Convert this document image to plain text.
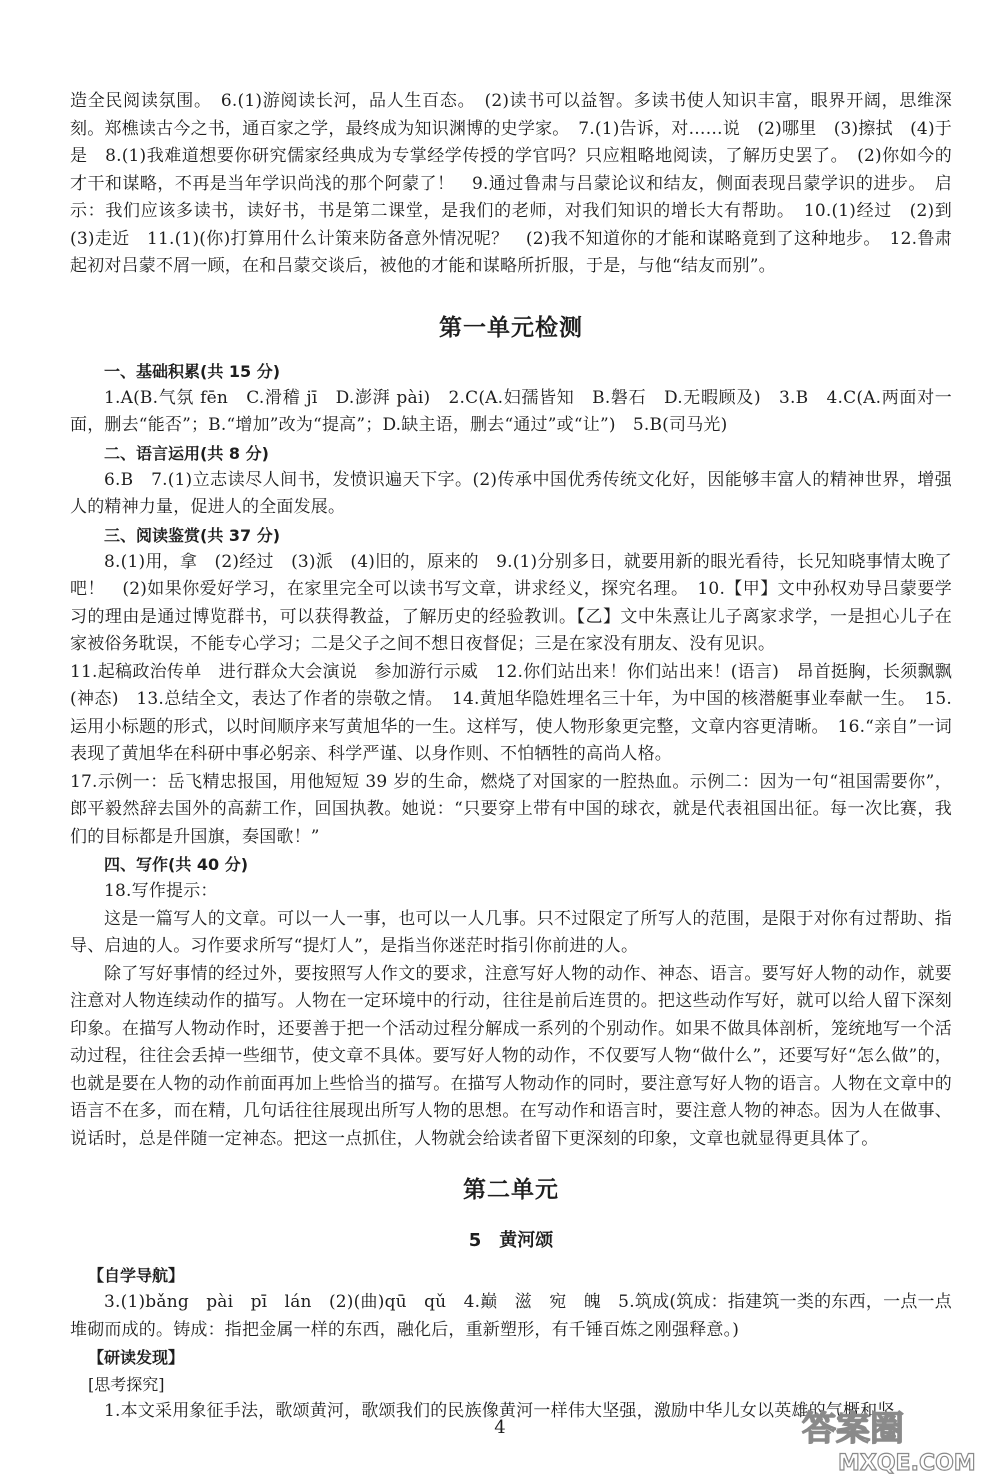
造全民阅读氛围。　6.(1)游阅读长河，品人生百态。　(2)读书可以益智。多读书使人知识丰富，眼界开阔，思维深刻。郑樵读古今之书，通百家之学，最终成为知识渊博的史学家。　7.(1)告诉，对……说　(2)哪里　(3)擦拭　(4)于是　8.(1)我难道想要你研究儒家经典成为专掌经学传授的学官吗？只应粗略地阅读，了解历史罢了。　(2)你如今的才干和谋略，不再是当年学识尚浅的那个阿蒙了！　9.通过鲁肃与吕蒙论议和结友，侧面表现吕蒙学识的进步。　启示：我们应该多读书，读好书，书是第二课堂，是我们的老师，对我们知识的增长大有帮助。　10.(1)经过　(2)到　(3)走近　11.(1)(你)打算用什么计策来防备意外情况呢？　(2)我不知道你的才能和谋略竟到了这种地步。　12.鲁肃起初对吕蒙不屑一顾，在和吕蒙交谈后，被他的才能和谋略所折服，于是，与他“结友而别”。

第一单元检测

一、基础积累(共 15 分)

1.A(B.气氛 fēn　C.滑稽 jī　D.澎湃 pài)　2.C(A.妇孺皆知　B.磐石　D.无暇顾及)　3.B　4.C(A.两面对一面，删去“能否”；B.“增加”改为“提高”；D.缺主语，删去“通过”或“让”)　5.B(司马光)

二、语言运用(共 8 分)

6.B　7.(1)立志读尽人间书，发愤识遍天下字。(2)传承中国优秀传统文化好，因能够丰富人的精神世界，增强人的精神力量，促进人的全面发展。

三、阅读鉴赏(共 37 分)

8.(1)用，拿　(2)经过　(3)派　(4)旧的，原来的　9.(1)分别多日，就要用新的眼光看待，长兄知晓事情太晚了吧！　(2)如果你爱好学习，在家里完全可以读书写文章，讲求经义，探究名理。　10.【甲】文中孙权劝导吕蒙要学习的理由是通过博览群书，可以获得教益，了解历史的经验教训。【乙】文中朱熹让儿子离家求学，一是担心儿子在家被俗务耽误，不能专心学习；二是父子之间不想日夜督促；三是在家没有朋友、没有见识。

11.起稿政治传单　进行群众大会演说　参加游行示威　12.你们站出来！你们站出来！(语言)　昂首挺胸，长须飘飘(神态)　13.总结全文，表达了作者的崇敬之情。　14.黄旭华隐姓埋名三十年，为中国的核潜艇事业奉献一生。　15.运用小标题的形式，以时间顺序来写黄旭华的一生。这样写，使人物形象更完整，文章内容更清晰。　16.“亲自”一词表现了黄旭华在科研中事必躬亲、科学严谨、以身作则、不怕牺牲的高尚人格。

17.示例一：岳飞精忠报国，用他短短 39 岁的生命，燃烧了对国家的一腔热血。示例二：因为一句“祖国需要你”，郎平毅然辞去国外的高薪工作，回国执教。她说：“只要穿上带有中国的球衣，就是代表祖国出征。每一次比赛，我们的目标都是升国旗，奏国歌！”

四、写作(共 40 分)

18.写作提示：

这是一篇写人的文章。可以一人一事，也可以一人几事。只不过限定了所写人的范围，是限于对你有过帮助、指导、启迪的人。习作要求所写“提灯人”，是指当你迷茫时指引你前进的人。

除了写好事情的经过外，要按照写人作文的要求，注意写好人物的动作、神态、语言。要写好人物的动作，就要注意对人物连续动作的描写。人物在一定环境中的行动，往往是前后连贯的。把这些动作写好，就可以给人留下深刻印象。在描写人物动作时，还要善于把一个活动过程分解成一系列的个别动作。如果不做具体剖析，笼统地写一个活动过程，往往会丢掉一些细节，使文章不具体。要写好人物的动作，不仅要写人物“做什么”，还要写好“怎么做”的，也就是要在人物的动作前面再加上些恰当的描写。在描写人物动作的同时，要注意写好人物的语言。人物在文章中的语言不在多，而在精，几句话往往展现出所写人物的思想。在写动作和语言时，要注意人物的神态。因为人在做事、说话时，总是伴随一定神态。把这一点抓住，人物就会给读者留下更深刻的印象，文章也就显得更具体了。

第二单元
5　黄河颂

【自学导航】

3.(1)bǎng　pài　pī　lán　(2)(曲)qū　qǔ　4.巅　滋　宛　魄　5.筑成(筑成：指建筑一类的东西，一点一点堆砌而成的。铸成：指把金属一样的东西，融化后，重新塑形，有千锤百炼之刚强释意。)

【研读发现】

[思考探究]

1.本文采用象征手法，歌颂黄河，歌颂我们的民族像黄河一样伟大坚强，激励中华儿女以英雄的气概和坚

4	答案圈
MXQE.COM
